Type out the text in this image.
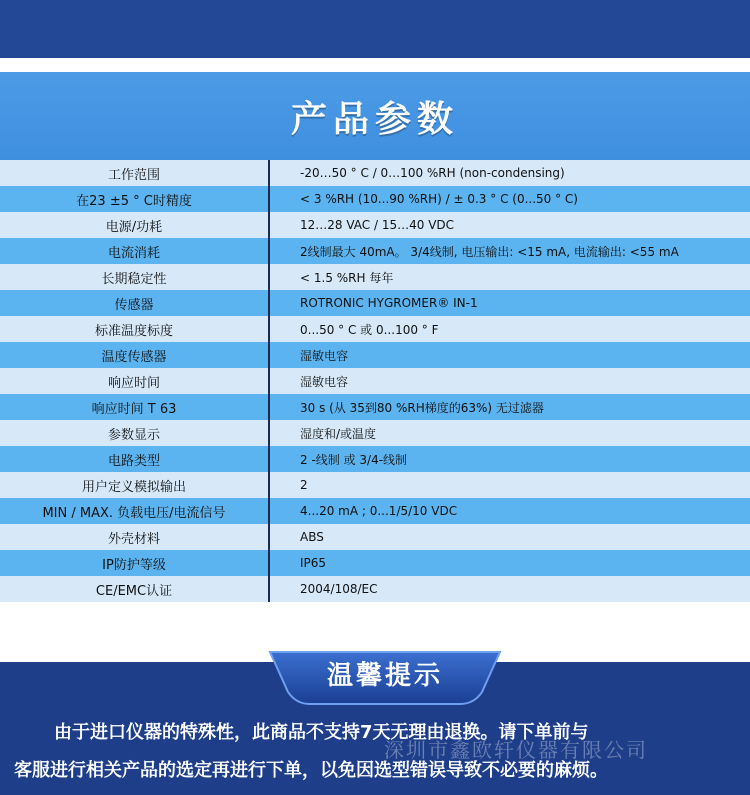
产品参数
工作范围	-20…50 ° C / 0…100 %RH (non-condensing)
在23 ±5 ° C时精度	< 3 %RH (10...90 %RH) / ± 0.3 ° C (0...50 ° C)
电源/功耗	12…28 VAC / 15…40 VDC
电流消耗	2线制最大 40mA。 3/4线制, 电压输出: <15 mA, 电流输出: <55 mA
长期稳定性	< 1.5 %RH 每年
传感器	ROTRONIC HYGROMER® IN-1
标准温度标度	0...50 ° C 或 0...100 ° F
温度传感器	湿敏电容
响应时间	湿敏电容
响应时间 T 63	30 s (从 35到80 %RH梯度的63%) 无过滤器
参数显示	湿度和/或温度
电路类型	2 -线制 或 3/4-线制
用户定义模拟输出	2
MIN / MAX. 负载电压/电流信号	4...20 mA ; 0...1/5/10 VDC
外壳材料	ABS
IP防护等级	IP65
CE/EMC认证	2004/108/EC
温馨提示
由于进口仪器的特殊性，此商品不支持7天无理由退换。请下单前与
客服进行相关产品的选定再进行下单，以免因选型错误导致不必要的麻烦。
深圳市鑫欧轩仪器有限公司
